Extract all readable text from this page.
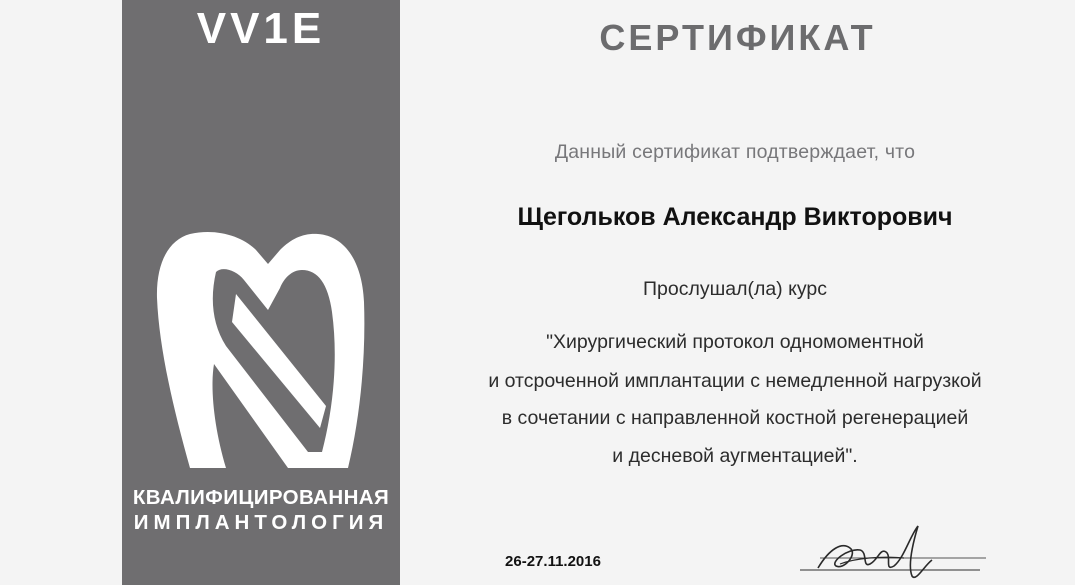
VV1E
КВАЛИФИЦИРОВАННАЯ
ИМПЛАНТОЛОГИЯ
СЕРТИФИКАТ
Данный сертификат подтверждает, что
Щегольков Александр Викторович
Прослушал(ла) курс
"Хирургический протокол одномоментной
и отсроченной имплантации с немедленной нагрузкой
в сочетании с направленной костной регенерацией
и десневой аугментацией".
26-27.11.2016
